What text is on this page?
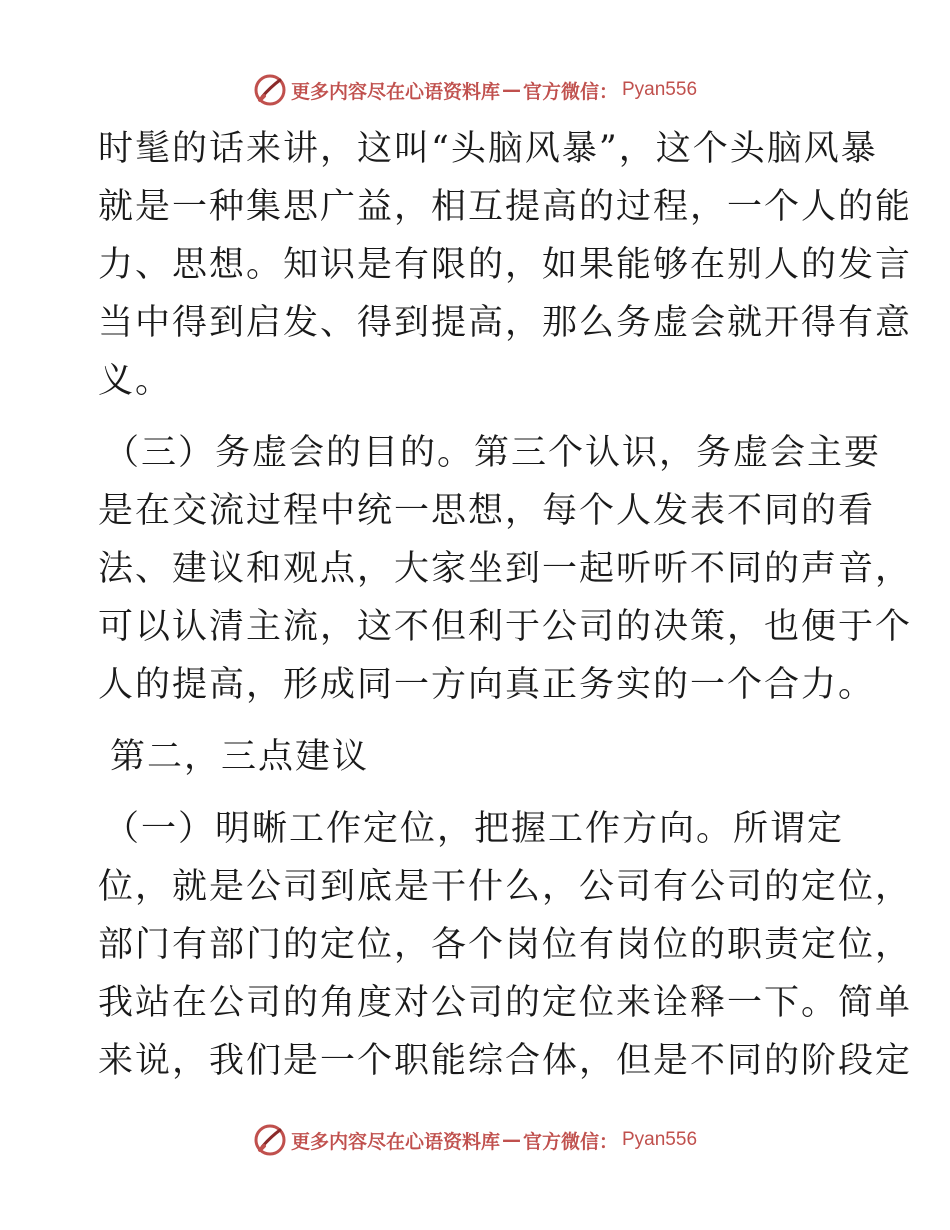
更多内容尽在心语资料库 — 官方微信： Pyan556

时髦的话来讲，这叫“头脑风暴”，这个头脑风暴
就是一种集思广益，相互提高的过程，一个人的能
力、思想。知识是有限的，如果能够在别人的发言
当中得到启发、得到提高，那么务虚会就开得有意
义。

（三）务虚会的目的。第三个认识，务虚会主要
是在交流过程中统一思想，每个人发表不同的看
法、建议和观点，大家坐到一起听听不同的声音，
可以认清主流，这不但利于公司的决策，也便于个
人的提高，形成同一方向真正务实的一个合力。

第二，三点建议

（一）明晰工作定位，把握工作方向。所谓定
位，就是公司到底是干什么，公司有公司的定位，
部门有部门的定位，各个岗位有岗位的职责定位，
我站在公司的角度对公司的定位来诠释一下。简单
来说，我们是一个职能综合体，但是不同的阶段定

更多内容尽在心语资料库 — 官方微信： Pyan556
